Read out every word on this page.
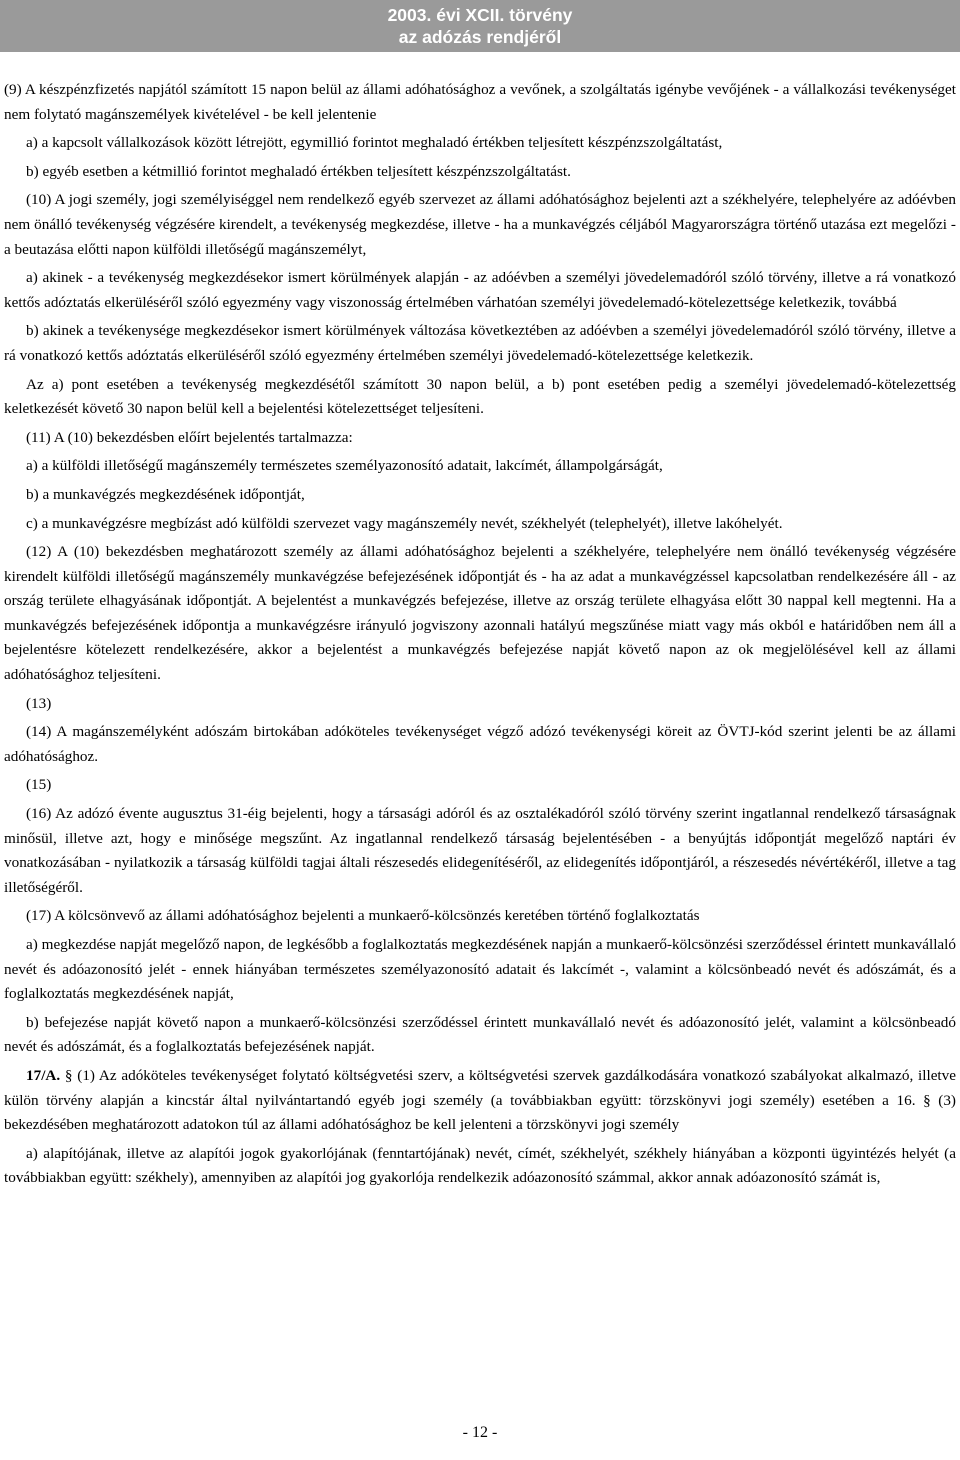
2003. évi XCII. törvény
az adózás rendjéről

(9) A készpénzfizetés napjától számított 15 napon belül az állami adóhatósághoz a vevőnek, a szolgáltatás igénybe vevőjének - a vállalkozási tevékenységet nem folytató magánszemélyek kivételével - be kell jelentenie

a) a kapcsolt vállalkozások között létrejött, egymillió forintot meghaladó értékben teljesített készpénzszolgáltatást,

b) egyéb esetben a kétmillió forintot meghaladó értékben teljesített készpénzszolgáltatást.

(10) A jogi személy, jogi személyiséggel nem rendelkező egyéb szervezet az állami adóhatósághoz bejelenti azt a székhelyére, telephelyére az adóévben nem önálló tevékenység végzésére kirendelt, a tevékenység megkezdése, illetve - ha a munkavégzés céljából Magyarországra történő utazása ezt megelőzi - a beutazása előtti napon külföldi illetőségű magánszemélyt,

a) akinek - a tevékenység megkezdésekor ismert körülmények alapján - az adóévben a személyi jövedelemadóról szóló törvény, illetve a rá vonatkozó kettős adóztatás elkerüléséről szóló egyezmény vagy viszonosság értelmében várhatóan személyi jövedelemadó-kötelezettsége keletkezik, továbbá

b) akinek a tevékenysége megkezdésekor ismert körülmények változása következtében az adóévben a személyi jövedelemadóról szóló törvény, illetve a rá vonatkozó kettős adóztatás elkerüléséről szóló egyezmény értelmében személyi jövedelemadó-kötelezettsége keletkezik.

Az a) pont esetében a tevékenység megkezdésétől számított 30 napon belül, a b) pont esetében pedig a személyi jövedelemadó-kötelezettség keletkezését követő 30 napon belül kell a bejelentési kötelezettséget teljesíteni.

(11) A (10) bekezdésben előírt bejelentés tartalmazza:

a) a külföldi illetőségű magánszemély természetes személyazonosító adatait, lakcímét, állampolgárságát,

b) a munkavégzés megkezdésének időpontját,

c) a munkavégzésre megbízást adó külföldi szervezet vagy magánszemély nevét, székhelyét (telephelyét), illetve lakóhelyét.

(12) A (10) bekezdésben meghatározott személy az állami adóhatósághoz bejelenti a székhelyére, telephelyére nem önálló tevékenység végzésére kirendelt külföldi illetőségű magánszemély munkavégzése befejezésének időpontját és - ha az adat a munkavégzéssel kapcsolatban rendelkezésére áll - az ország területe elhagyásának időpontját. A bejelentést a munkavégzés befejezése, illetve az ország területe elhagyása előtt 30 nappal kell megtenni. Ha a munkavégzés befejezésének időpontja a munkavégzésre irányuló jogviszony azonnali hatályú megszűnése miatt vagy más okból e határidőben nem áll a bejelentésre kötelezett rendelkezésére, akkor a bejelentést a munkavégzés befejezése napját követő napon az ok megjelölésével kell az állami adóhatósághoz teljesíteni.

(13)

(14) A magánszemélyként adószám birtokában adóköteles tevékenységet végző adózó tevékenységi köreit az ÖVTJ-kód szerint jelenti be az állami adóhatósághoz.

(15)

(16) Az adózó évente augusztus 31-éig bejelenti, hogy a társasági adóról és az osztalékadóról szóló törvény szerint ingatlannal rendelkező társaságnak minősül, illetve azt, hogy e minősége megszűnt. Az ingatlannal rendelkező társaság bejelentésében - a benyújtás időpontját megelőző naptári év vonatkozásában - nyilatkozik a társaság külföldi tagjai általi részesedés elidegenítéséről, az elidegenítés időpontjáról, a részesedés névértékéről, illetve a tag illetőségéről.

(17) A kölcsönvevő az állami adóhatósághoz bejelenti a munkaerő-kölcsönzés keretében történő foglalkoztatás

a) megkezdése napját megelőző napon, de legkésőbb a foglalkoztatás megkezdésének napján a munkaerő-kölcsönzési szerződéssel érintett munkavállaló nevét és adóazonosító jelét - ennek hiányában természetes személyazonosító adatait és lakcímét -, valamint a kölcsönbeadó nevét és adószámát, és a foglalkoztatás megkezdésének napját,

b) befejezése napját követő napon a munkaerő-kölcsönzési szerződéssel érintett munkavállaló nevét és adóazonosító jelét, valamint a kölcsönbeadó nevét és adószámát, és a foglalkoztatás befejezésének napját.

17/A. § (1) Az adóköteles tevékenységet folytató költségvetési szerv, a költségvetési szervek gazdálkodására vonatkozó szabályokat alkalmazó, illetve külön törvény alapján a kincstár által nyilvántartandó egyéb jogi személy (a továbbiakban együtt: törzskönyvi jogi személy) esetében a 16. § (3) bekezdésében meghatározott adatokon túl az állami adóhatósághoz be kell jelenteni a törzskönyvi jogi személy

a) alapítójának, illetve az alapítói jogok gyakorlójának (fenntartójának) nevét, címét, székhelyét, székhely hiányában a központi ügyintézés helyét (a továbbiakban együtt: székhely), amennyiben az alapítói jog gyakorlója rendelkezik adóazonosító számmal, akkor annak adóazonosító számát is,

- 12 -
